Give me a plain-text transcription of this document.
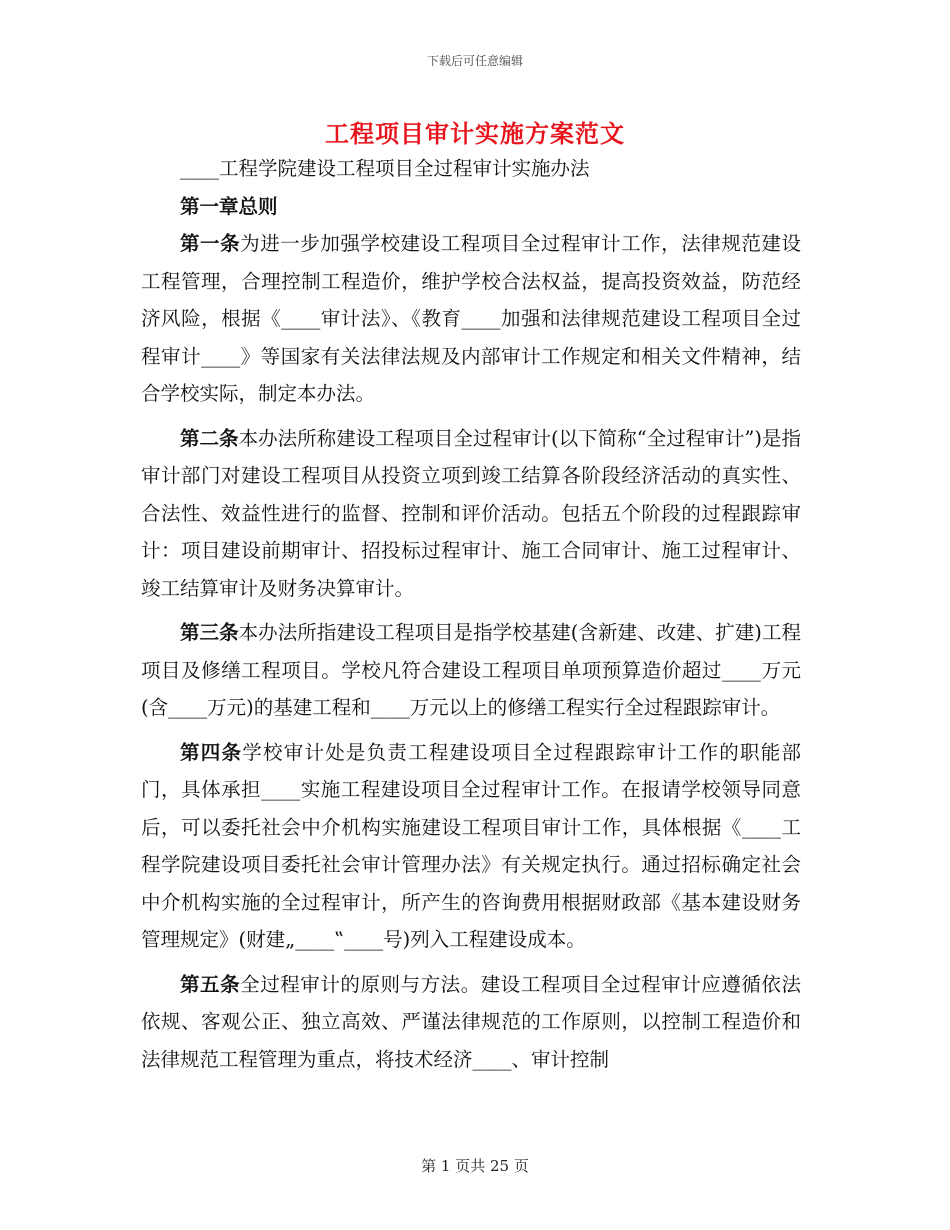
下载后可任意编辑
工程项目审计实施方案范文

____工程学院建设工程项目全过程审计实施办法

第一章总则

第一条为进一步加强学校建设工程项目全过程审计工作，法律规范建设工程管理，合理控制工程造价，维护学校合法权益，提高投资效益，防范经济风险，根据《____审计法》、《教育____加强和法律规范建设工程项目全过程审计____》等国家有关法律法规及内部审计工作规定和相关文件精神，结合学校实际，制定本办法。

第二条本办法所称建设工程项目全过程审计(以下简称“全过程审计”)是指审计部门对建设工程项目从投资立项到竣工结算各阶段经济活动的真实性、合法性、效益性进行的监督、控制和评价活动。包括五个阶段的过程跟踪审计：项目建设前期审计、招投标过程审计、施工合同审计、施工过程审计、竣工结算审计及财务决算审计。

第三条本办法所指建设工程项目是指学校基建(含新建、改建、扩建)工程项目及修缮工程项目。学校凡符合建设工程项目单项预算造价超过____万元(含____万元)的基建工程和____万元以上的修缮工程实行全过程跟踪审计。

第四条学校审计处是负责工程建设项目全过程跟踪审计工作的职能部门，具体承担____实施工程建设项目全过程审计工作。在报请学校领导同意后，可以委托社会中介机构实施建设工程项目审计工作，具体根据《____工程学院建设项目委托社会审计管理办法》有关规定执行。通过招标确定社会中介机构实施的全过程审计，所产生的咨询费用根据财政部《基本建设财务管理规定》(财建„____‟____号)列入工程建设成本。

第五条全过程审计的原则与方法。建设工程项目全过程审计应遵循依法依规、客观公正、独立高效、严谨法律规范的工作原则，以控制工程造价和法律规范工程管理为重点，将技术经济____、审计控制

第 1 页共 25 页
